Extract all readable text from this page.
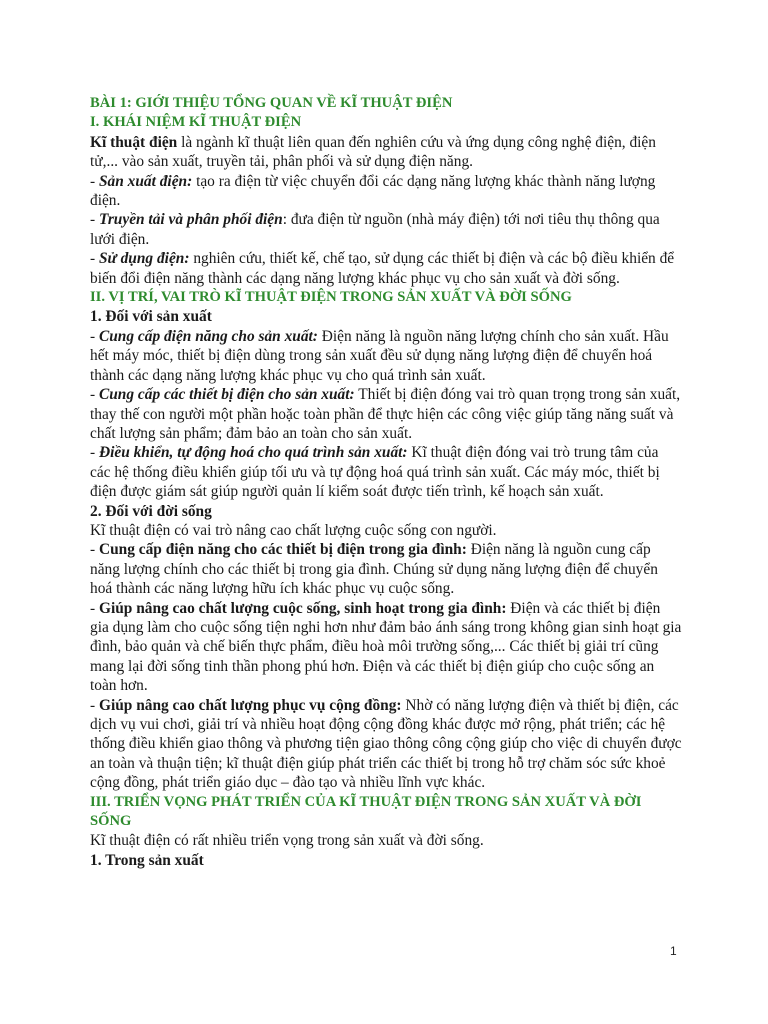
BÀI 1: GIỚI THIỆU TỔNG QUAN VỀ KĨ THUẬT ĐIỆN

I. KHÁI NIỆM KĨ THUẬT ĐIỆN

Kĩ thuật điện là ngành kĩ thuật liên quan đến nghiên cứu và ứng dụng công nghệ điện, điện tử,... vào sản xuất, truyền tải, phân phối và sử dụng điện năng.

- Sản xuất điện: tạo ra điện từ việc chuyển đổi các dạng năng lượng khác thành năng lượng điện.

- Truyền tải và phân phối điện: đưa điện từ nguồn (nhà máy điện) tới nơi tiêu thụ thông qua lưới điện.

- Sử dụng điện: nghiên cứu, thiết kế, chế tạo, sử dụng các thiết bị điện và các bộ điều khiển để biến đổi điện năng thành các dạng năng lượng khác phục vụ cho sản xuất và đời sống.

II. VỊ TRÍ, VAI TRÒ KĨ THUẬT ĐIỆN TRONG SẢN XUẤT VÀ ĐỜI SỐNG

1. Đối với sản xuất

- Cung cấp điện năng cho sản xuất: Điện năng là nguồn năng lượng chính cho sản xuất. Hầu hết máy móc, thiết bị điện dùng trong sản xuất đều sử dụng năng lượng điện để chuyển hoá thành các dạng năng lượng khác phục vụ cho quá trình sản xuất.

- Cung cấp các thiết bị điện cho sản xuất: Thiết bị điện đóng vai trò quan trọng trong sản xuất, thay thế con người một phần hoặc toàn phần để thực hiện các công việc giúp tăng năng suất và chất lượng sản phẩm; đảm bảo an toàn cho sản xuất.

- Điều khiển, tự động hoá cho quá trình sản xuất: Kĩ thuật điện đóng vai trò trung tâm của các hệ thống điều khiển giúp tối ưu và tự động hoá quá trình sản xuất. Các máy móc, thiết bị điện được giám sát giúp người quản lí kiểm soát được tiến trình, kế hoạch sản xuất.

2. Đối với đời sống

Kĩ thuật điện có vai trò nâng cao chất lượng cuộc sống con người.

- Cung cấp điện năng cho các thiết bị điện trong gia đình: Điện năng là nguồn cung cấp năng lượng chính cho các thiết bị trong gia đình. Chúng sử dụng năng lượng điện để chuyển hoá thành các năng lượng hữu ích khác phục vụ cuộc sống.

- Giúp nâng cao chất lượng cuộc sống, sinh hoạt trong gia đình: Điện và các thiết bị điện gia dụng làm cho cuộc sống tiện nghi hơn như đảm bảo ánh sáng trong không gian sinh hoạt gia đình, bảo quản và chế biến thực phẩm, điều hoà môi trường sống,... Các thiết bị giải trí cũng mang lại đời sống tinh thần phong phú hơn. Điện và các thiết bị điện giúp cho cuộc sống an toàn hơn.

- Giúp nâng cao chất lượng phục vụ cộng đồng: Nhờ có năng lượng điện và thiết bị điện, các dịch vụ vui chơi, giải trí và nhiều hoạt động cộng đồng khác được mở rộng, phát triển; các hệ thống điều khiển giao thông và phương tiện giao thông công cộng giúp cho việc di chuyển được an toàn và thuận tiện; kĩ thuật điện giúp phát triển các thiết bị trong hỗ trợ chăm sóc sức khoẻ cộng đồng, phát triển giáo dục – đào tạo và nhiều lĩnh vực khác.

III. TRIỂN VỌNG PHÁT TRIỂN CỦA KĨ THUẬT ĐIỆN TRONG SẢN XUẤT VÀ ĐỜI SỐNG

Kĩ thuật điện có rất nhiều triển vọng trong sản xuất và đời sống.

1. Trong sản xuất

1
